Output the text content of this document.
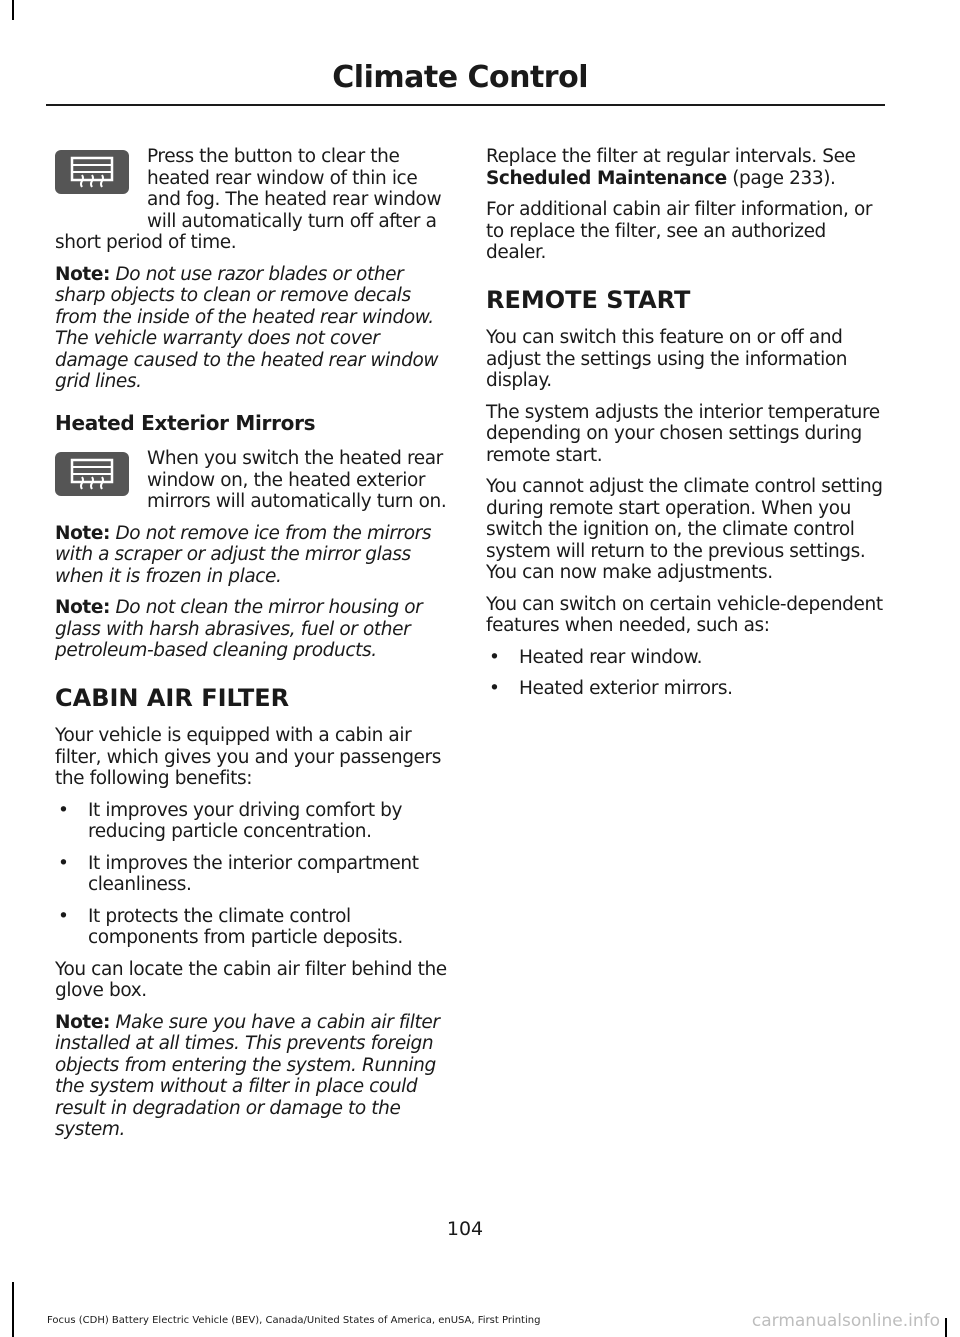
Climate Control

Press the button to clear the heated rear window of thin ice and fog. The heated rear window will automatically turn off after a short period of time.

Note: Do not use razor blades or other sharp objects to clean or remove decals from the inside of the heated rear window. The vehicle warranty does not cover damage caused to the heated rear window grid lines.

Heated Exterior Mirrors

When you switch the heated rear window on, the heated exterior mirrors will automatically turn on.

Note: Do not remove ice from the mirrors with a scraper or adjust the mirror glass when it is frozen in place.

Note: Do not clean the mirror housing or glass with harsh abrasives, fuel or other petroleum-based cleaning products.

CABIN AIR FILTER

Your vehicle is equipped with a cabin air filter, which gives you and your passengers the following benefits:

• It improves your driving comfort by reducing particle concentration.
• It improves the interior compartment cleanliness.
• It protects the climate control components from particle deposits.

You can locate the cabin air filter behind the glove box.

Note: Make sure you have a cabin air filter installed at all times. This prevents foreign objects from entering the system. Running the system without a filter in place could result in degradation or damage to the system.

Replace the filter at regular intervals. See Scheduled Maintenance (page 233).

For additional cabin air filter information, or to replace the filter, see an authorized dealer.

REMOTE START

You can switch this feature on or off and adjust the settings using the information display.

The system adjusts the interior temperature depending on your chosen settings during remote start.

You cannot adjust the climate control setting during remote start operation. When you switch the ignition on, the climate control system will return to the previous settings. You can now make adjustments.

You can switch on certain vehicle-dependent features when needed, such as:

• Heated rear window.
• Heated exterior mirrors.
104
Focus (CDH) Battery Electric Vehicle (BEV), Canada/United States of America, enUSA, First Printing	carmanualsonline.info
